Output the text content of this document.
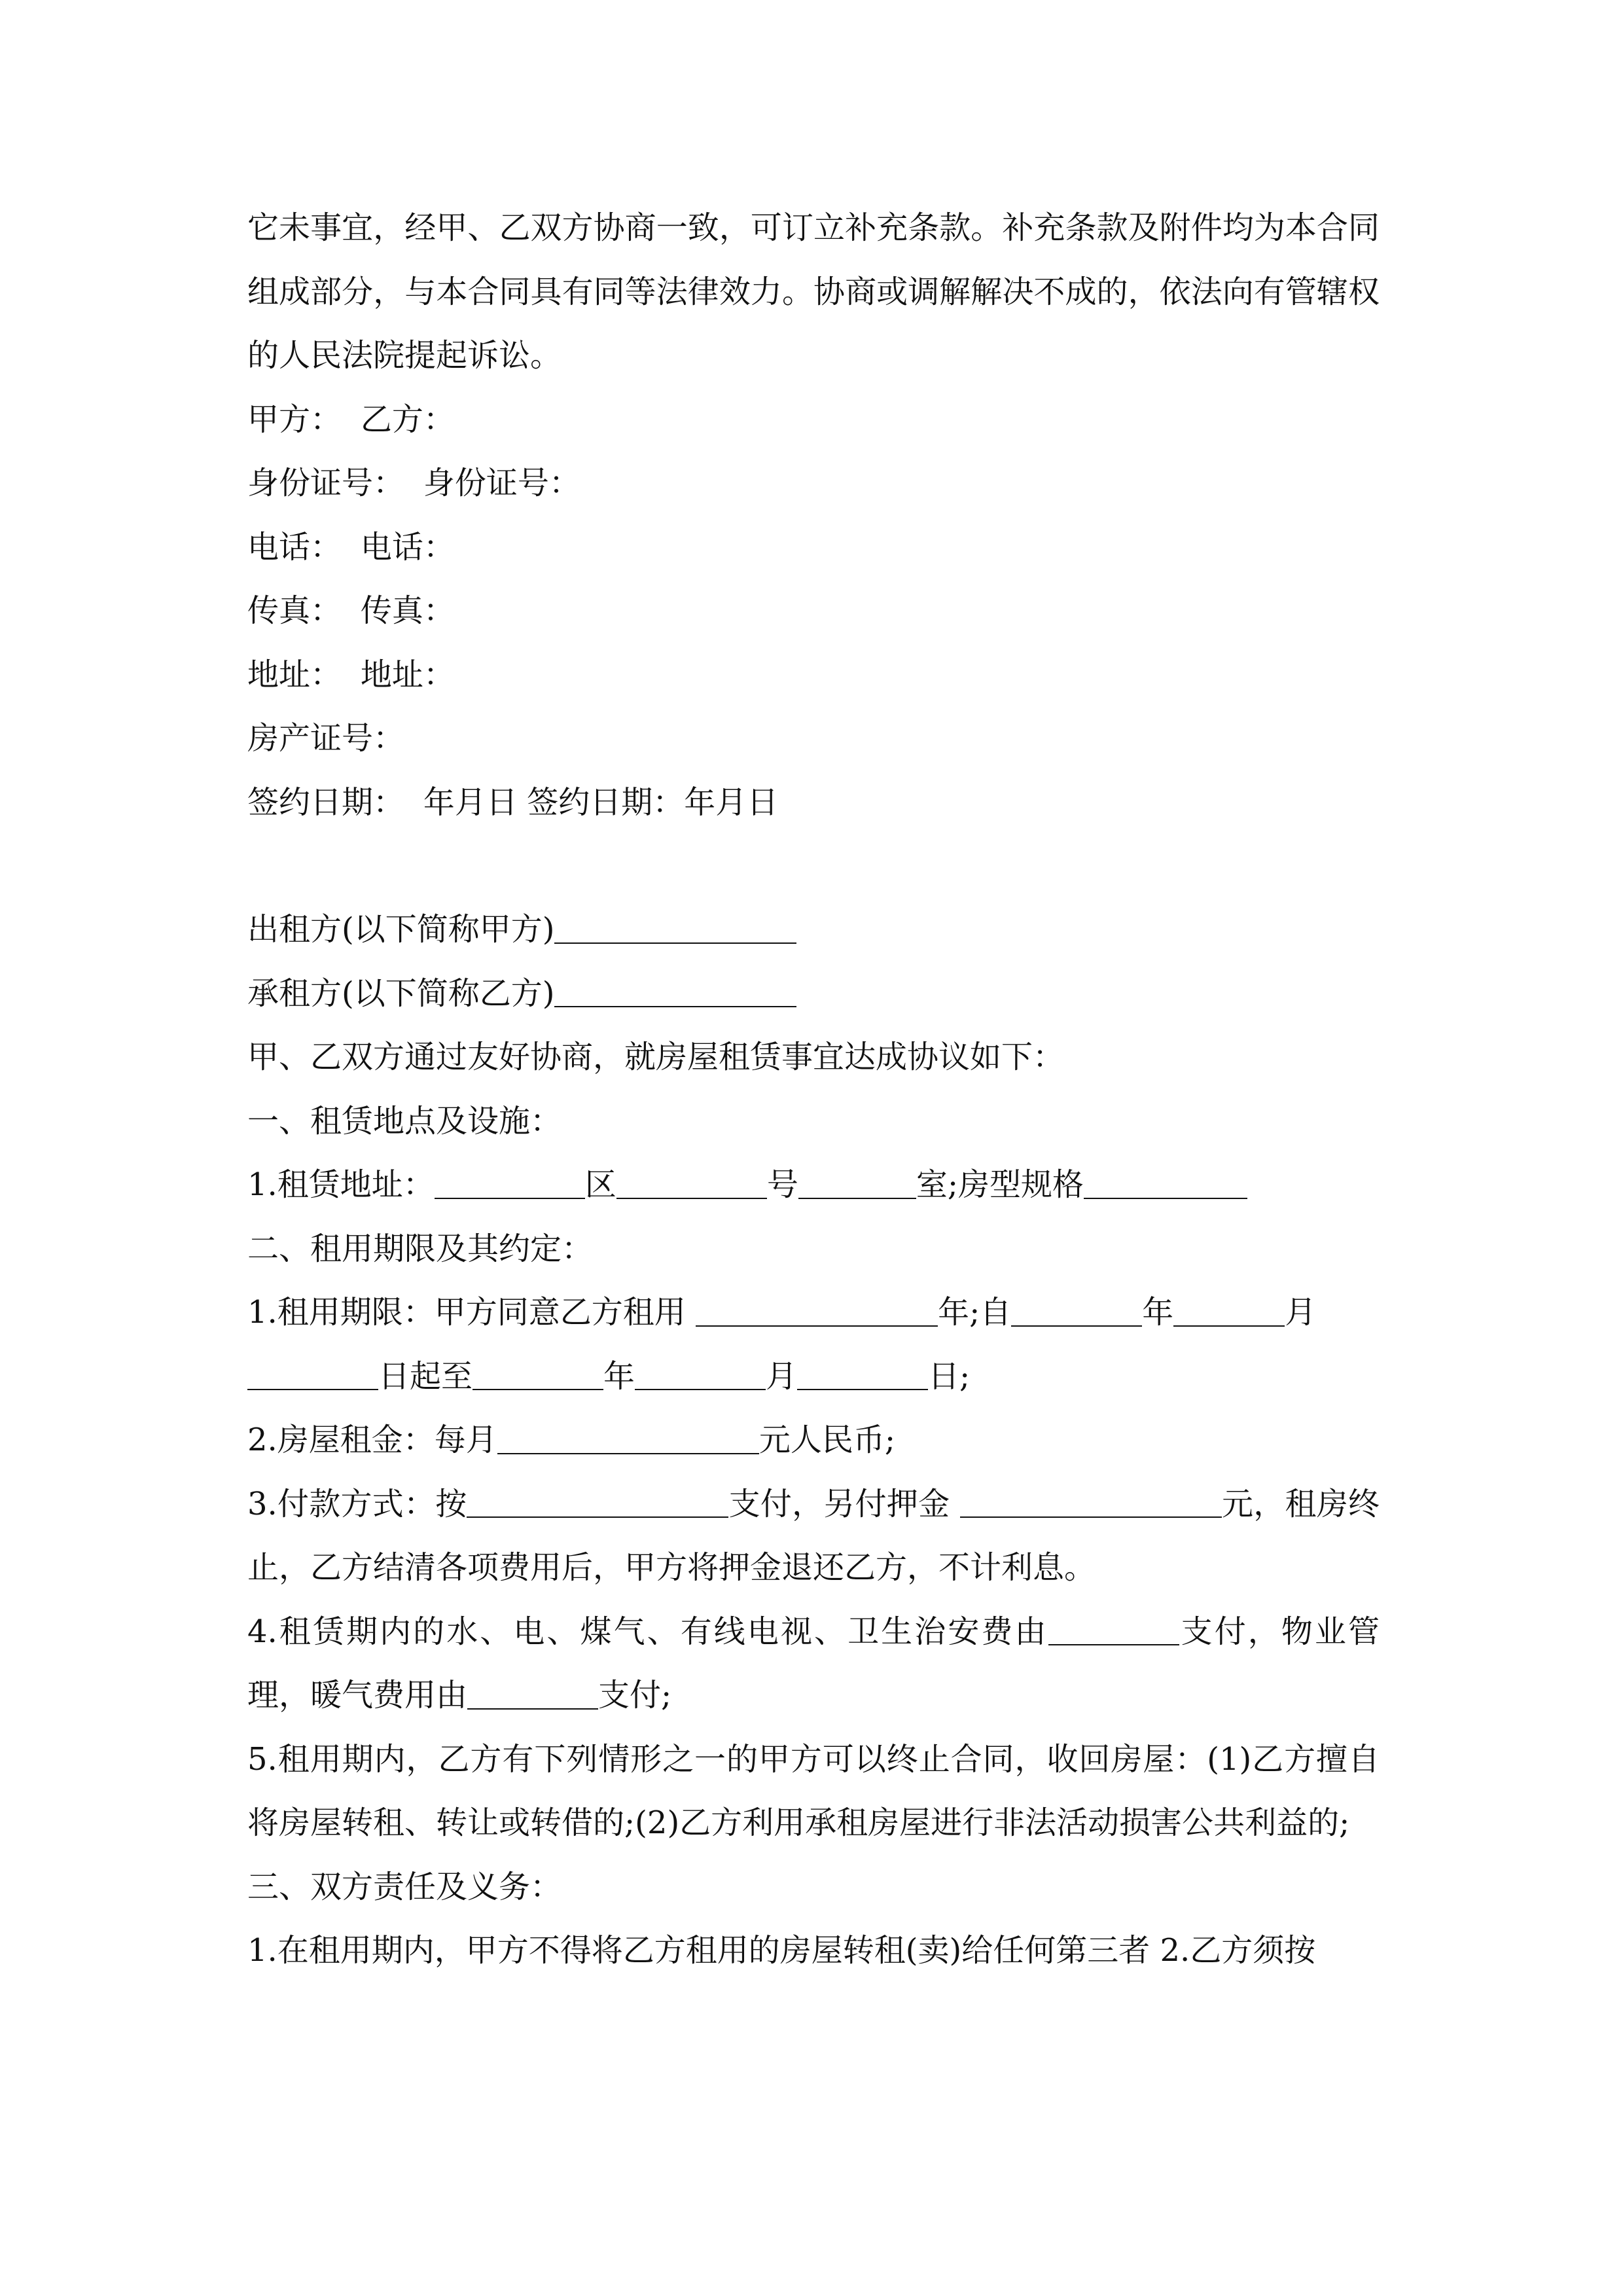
它未事宜，经甲、乙双方协商一致，可订立补充条款。补充条款及附件均为本合同组成部分，与本合同具有同等法律效力。协商或调解解决不成的，依法向有管辖权的人民法院提起诉讼。

甲方： 乙方：

身份证号： 身份证号：

电话： 电话：

传真： 传真：

地址： 地址：

房产证号：

签约日期： 年月日 签约日期：年月日

出租方(以下简称甲方)

承租方(以下简称乙方)

甲、乙双方通过友好协商，就房屋租赁事宜达成协议如下：

一、租赁地点及设施：

1.租赁地址：	区	号	室;房型规格

二、租用期限及其约定：

1.租用期限：甲方同意乙方租用	年;自	年	月
日起至	年	月	日;

2.房屋租金：每月	元人民币;

3.付款方式：按	支付，另付押金	元，租房终止，乙方结清各项费用后，甲方将押金退还乙方，不计利息。

4.租赁期内的水、电、煤气、有线电视、卫生治安费由	支付，物业管理，暖气费用由	支付;

5.租用期内，乙方有下列情形之一的甲方可以终止合同，收回房屋：(1)乙方擅自将房屋转租、转让或转借的;(2)乙方利用承租房屋进行非法活动损害公共利益的;

三、双方责任及义务：

1.在租用期内，甲方不得将乙方租用的房屋转租(卖)给任何第三者 2.乙方须按
